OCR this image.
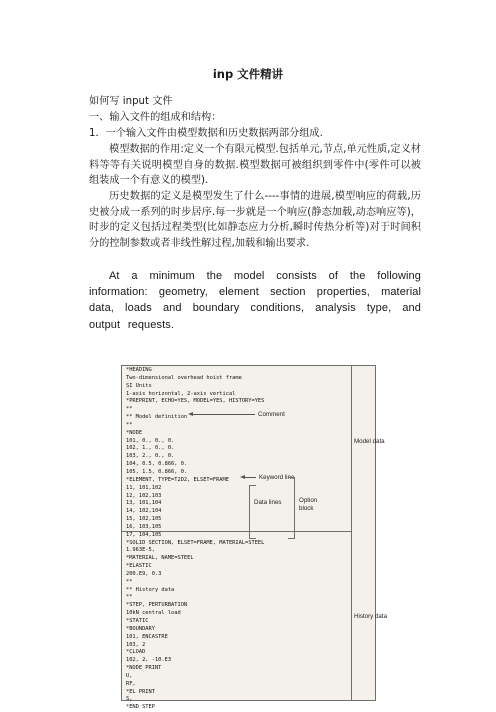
inp 文件精讲
如何写 input 文件
一、输入文件的组成和结构：
1．一个输入文件由模型数据和历史数据两部分组成.
模型数据的作用:定义一个有限元模型.包括单元,节点,单元性质,定义材料等等有关说明模型自身的数据.模型数据可被组织到零件中(零件可以被组装成一个有意义的模型).
历史数据的定义是模型发生了什么----事情的进展,模型响应的荷载,历史被分成一系列的时步居序.每一步就是一个响应(静态加载,动态响应等)，时步的定义包括过程类型(比如静态应力分析,瞬时传热分析等)对于时间积分的控制参数或者非线性解过程,加载和输出要求.
At a minimum the model consists of the following information: geometry, element section properties, material data, loads and boundary conditions, analysis type, and output requests.
*HEADING
Two-dimensional overhead hoist frame
SI Units
1-axis horizontal, 2-axis vertical
*PREPRINT, ECHO=YES, MODEL=YES, HISTORY=YES
**
** Model definition
**
*NODE
101, 0., 0., 0.
102, 1., 0., 0.
103, 2., 0., 0.
104, 0.5, 0.866, 0.
105, 1.5, 0.866, 0.
*ELEMENT, TYPE=T2D2, ELSET=FRAME
11, 101,102
12, 102,103
13, 101,104
14, 102,104
15, 102,105
16, 103,105
17, 104,105
*SOLID SECTION, ELSET=FRAME, MATERIAL=STEEL
1.963E-5,
*MATERIAL, NAME=STEEL
*ELASTIC
200.E9, 0.3
**
** History data
**
*STEP, PERTURBATION
10kN central load
*STATIC
*BOUNDARY
101, ENCASTRE
103, 2
*CLOAD
102, 2, -10.E3
*NODE PRINT
U,
RF,
*EL PRINT
S,
*END STEP

Comment
Keyword line
Data lines	Option block
Model data
History data
